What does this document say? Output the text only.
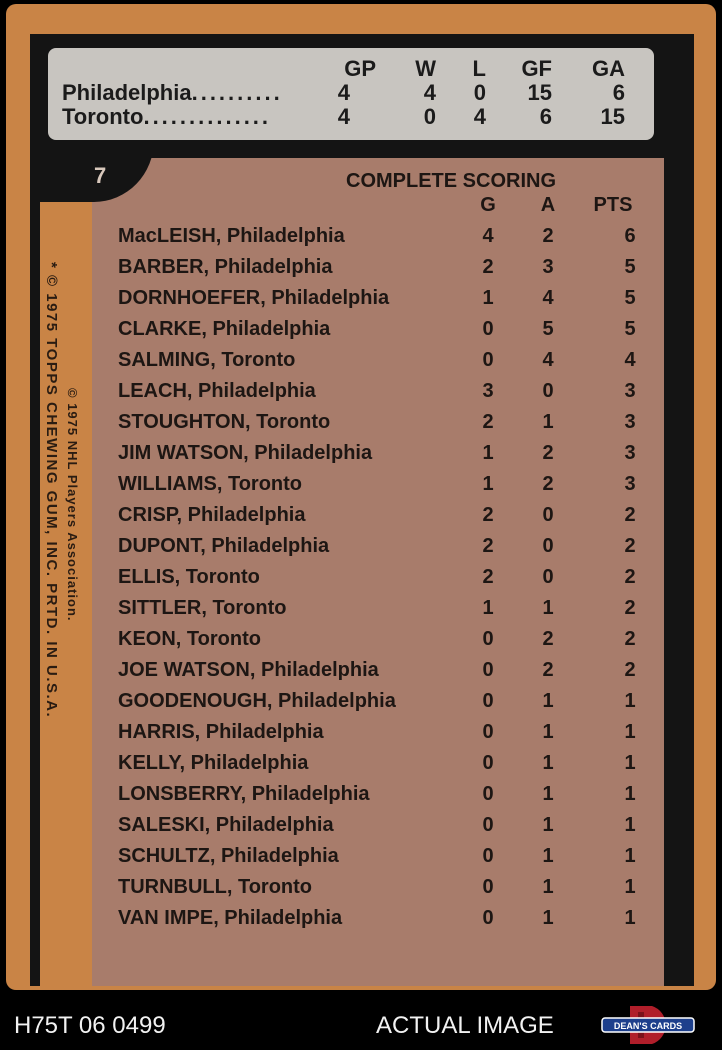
GP	W	L	GF	GA
Philadelphia..........	4	4	0	15	6
Toronto..............	4	0	4	6	15
7
* © 1975 TOPPS CHEWING GUM, INC. PRTD. IN U.S.A. © 1975 NHL Players Association.
COMPLETE SCORING
G	A	PTS
MacLEISH, Philadelphia	4	2	6
BARBER, Philadelphia	2	3	5
DORNHOEFER, Philadelphia	1	4	5
CLARKE, Philadelphia	0	5	5
SALMING, Toronto	0	4	4
LEACH, Philadelphia	3	0	3
STOUGHTON, Toronto	2	1	3
JIM WATSON, Philadelphia	1	2	3
WILLIAMS, Toronto	1	2	3
CRISP, Philadelphia	2	0	2
DUPONT, Philadelphia	2	0	2
ELLIS, Toronto	2	0	2
SITTLER, Toronto	1	1	2
KEON, Toronto	0	2	2
JOE WATSON, Philadelphia	0	2	2
GOODENOUGH, Philadelphia	0	1	1
HARRIS, Philadelphia	0	1	1
KELLY, Philadelphia	0	1	1
LONSBERRY, Philadelphia	0	1	1
SALESKI, Philadelphia	0	1	1
SCHULTZ, Philadelphia	0	1	1
TURNBULL, Toronto	0	1	1
VAN IMPE, Philadelphia	0	1	1
H75T 06 0499	ACTUAL IMAGE	DEAN'S CARDS
